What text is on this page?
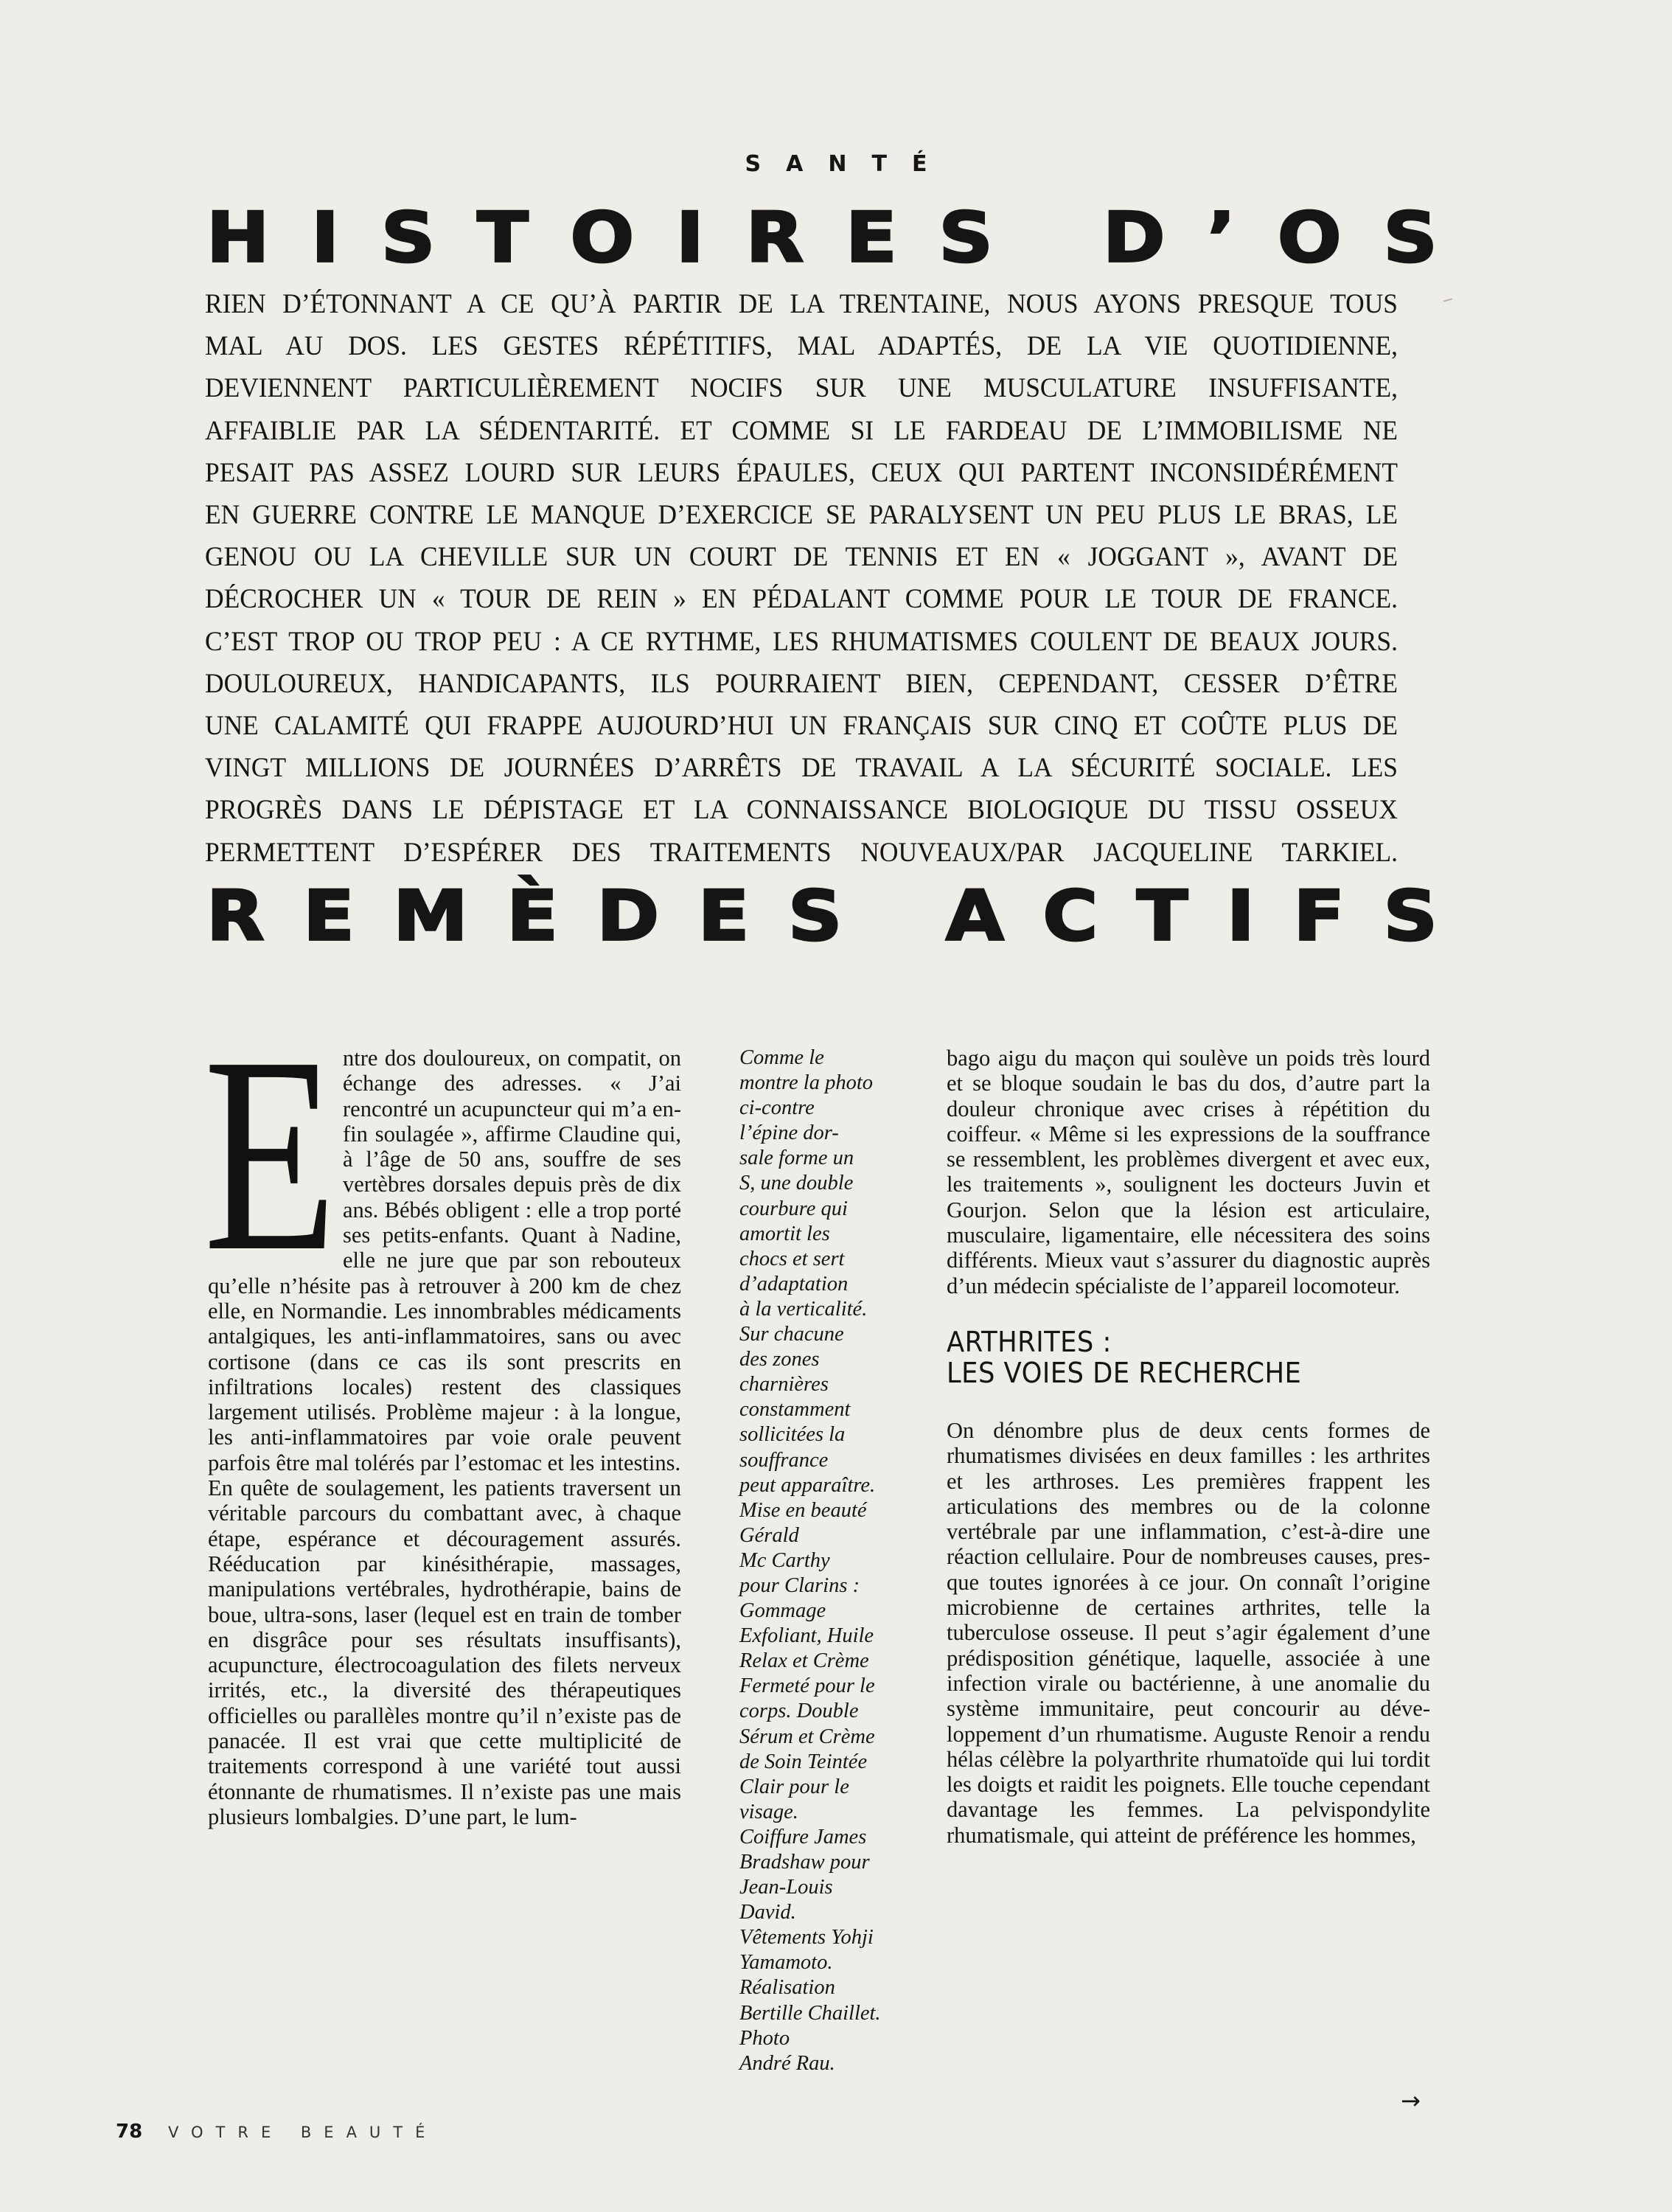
SANTÉ
H I S T O I R E S
D ’ O S
RIEN D’ÉTONNANT A CE QU’À PARTIR DE LA TRENTAINE, NOUS AYONS PRESQUE TOUS
MAL AU DOS. LES GESTES RÉPÉTITIFS, MAL ADAPTÉS, DE LA VIE QUOTIDIENNE,
DEVIENNENT PARTICULIÈREMENT NOCIFS SUR UNE MUSCULATURE INSUFFISANTE,
AFFAIBLIE PAR LA SÉDENTARITÉ. ET COMME SI LE FARDEAU DE L’IMMOBILISME NE
PESAIT PAS ASSEZ LOURD SUR LEURS ÉPAULES, CEUX QUI PARTENT INCONSIDÉRÉMENT
EN GUERRE CONTRE LE MANQUE D’EXERCICE SE PARALYSENT UN PEU PLUS LE BRAS, LE
GENOU OU LA CHEVILLE SUR UN COURT DE TENNIS ET EN « JOGGANT », AVANT DE
DÉCROCHER UN « TOUR DE REIN » EN PÉDALANT COMME POUR LE TOUR DE FRANCE.
C’EST TROP OU TROP PEU : A CE RYTHME, LES RHUMATISMES COULENT DE BEAUX JOURS.
DOULOUREUX, HANDICAPANTS, ILS POURRAIENT BIEN, CEPENDANT, CESSER D’ÊTRE
UNE CALAMITÉ QUI FRAPPE AUJOURD’HUI UN FRANÇAIS SUR CINQ ET COÛTE PLUS DE
VINGT MILLIONS DE JOURNÉES D’ARRÊTS DE TRAVAIL A LA SÉCURITÉ SOCIALE. LES
PROGRÈS DANS LE DÉPISTAGE ET LA CONNAISSANCE BIOLOGIQUE DU TISSU OSSEUX
PERMETTENT D’ESPÉRER DES TRAITEMENTS NOUVEAUX/PAR JACQUELINE TARKIEL.
R E M È D E S
A C T I F S
E ntre dos douloureux, on compatit, on échange des adresses. « J’ai rencontré un acupuncteur qui m’a enfin soulagée », affirme Claudine qui, à l’âge de 50 ans, souffre de ses vertèbres dorsales depuis près de dix ans. Bébés obligent : elle a trop porté ses petits-enfants. Quant à Nadine, elle ne jure que par son rebouteux qu’elle n’hésite pas à retrouver à 200 km de chez elle, en Normandie. Les innombrables médicaments antalgiques, les anti-inflammatoires, sans ou avec cortisone (dans ce cas ils sont prescrits en infiltrations locales) restent des classiques largement utilisés. Problème majeur : à la longue, les anti-inflammatoires par voie orale peuvent parfois être mal tolérés par l’estomac et les intestins.

En quête de soulagement, les patients traversent un véritable parcours du combattant avec, à chaque étape, espérance et découragement assurés. Rééducation par kinésithérapie, massages, manipulations vertébrales, hydrothérapie, bains de boue, ultra-sons, laser (lequel est en train de tomber en disgrâce pour ses résultats insuffisants), acupuncture, électrocoagulation des filets nerveux irrités, etc., la diversité des thérapeutiques officielles ou parallèles montre qu’il n’existe pas de panacée. Il est vrai que cette multiplicité de traitements correspond à une variété tout aussi étonnante de rhumatismes. Il n’existe pas une mais plusieurs lombalgies. D’une part, le lum-

Comme le
montre la photo
ci-contre
l’épine dor-
sale forme un
S, une double
courbure qui
amortit les
chocs et sert
d’adaptation
à la verticalité.
Sur chacune
des zones
charnières
constamment
sollicitées la
souffrance
peut apparaître.
Mise en beauté
Gérald
Mc Carthy
pour Clarins :
Gommage
Exfoliant, Huile
Relax et Crème
Fermeté pour le
corps. Double
Sérum et Crème
de Soin Teintée
Clair pour le
visage.
Coiffure James
Bradshaw pour
Jean-Louis
David.
Vêtements Yohji
Yamamoto.
Réalisation
Bertille Chaillet.
Photo
André Rau.

bago aigu du maçon qui soulève un poids très lourd et se bloque soudain le bas du dos, d’autre part la douleur chronique avec crises à répétition du coiffeur. « Même si les expressions de la souffrance se ressemblent, les problèmes divergent et avec eux, les traitements », soulignent les docteurs Juvin et Gourjon. Selon que la lésion est articulaire, musculaire, ligamentaire, elle nécessitera des soins différents. Mieux vaut s’assurer du diagnostic auprès d’un médecin spécialiste de l’appareil locomoteur.

ARTHRITES :
LES VOIES DE RECHERCHE

On dénombre plus de deux cents formes de rhumatismes divisées en deux familles : les arthrites et les arthroses. Les premières frappent les articulations des membres ou de la colonne vertébrale par une inflammation, c’est-à-dire une réaction cellulaire. Pour de nombreuses causes, presque toutes ignorées à ce jour. On connaît l’origine microbienne de certaines arthrites, telle la tuberculose osseuse. Il peut s’agir également d’une prédisposition génétique, laquelle, associée à une infection virale ou bactérienne, à une anomalie du système immunitaire, peut concourir au développement d’un rhumatisme. Auguste Renoir a rendu hélas célèbre la polyarthrite rhumatoïde qui lui tordit les doigts et raidit les poignets. Elle touche cependant davantage les femmes. La pelvispondylite rhumatismale, qui atteint de préférence les hommes,

→
78 VOTRE BEAUTÉ
